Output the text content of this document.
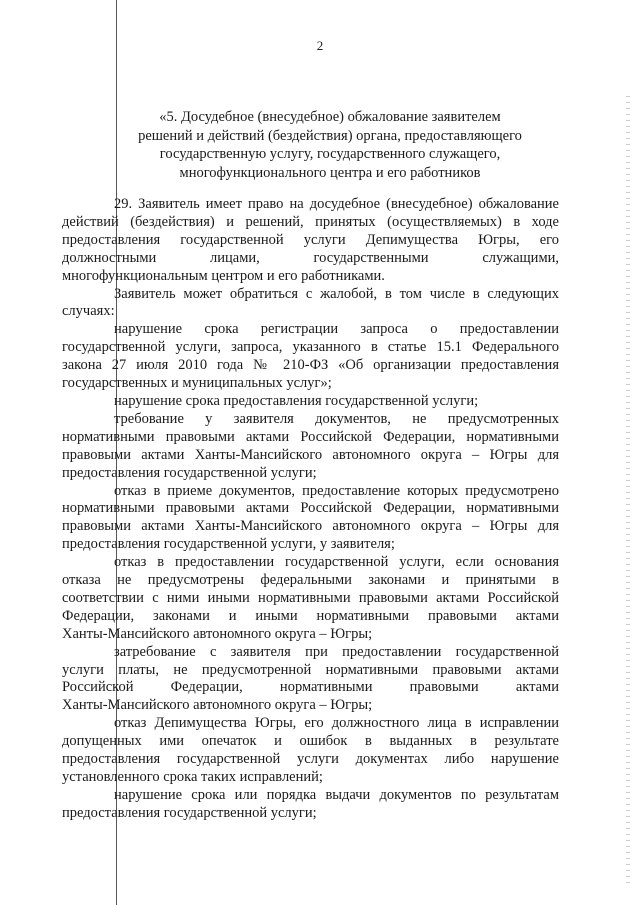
2
«5. Досудебное (внесудебное) обжалование заявителем
решений и действий (бездействия) органа, предоставляющего
государственную услугу, государственного служащего,
многофункционального центра и его работников
29. Заявитель имеет право на досудебное (внесудебное) обжалование
действий (бездействия) и решений, принятых (осуществляемых) в ходе
предоставления государственной услуги Депимущества Югры, его
должностными лицами, государственными служащими,
многофункциональным центром и его работниками.
Заявитель может обратиться с жалобой, в том числе в следующих
случаях:
нарушение срока регистрации запроса о предоставлении
государственной услуги, запроса, указанного в статье 15.1 Федерального
закона 27 июля 2010 года № 210-ФЗ «Об организации предоставления
государственных и муниципальных услуг»;
нарушение срока предоставления государственной услуги;
требование у заявителя документов, не предусмотренных
нормативными правовыми актами Российской Федерации, нормативными
правовыми актами Ханты-Мансийского автономного округа – Югры для
предоставления государственной услуги;
отказ в приеме документов, предоставление которых предусмотрено
нормативными правовыми актами Российской Федерации, нормативными
правовыми актами Ханты-Мансийского автономного округа – Югры для
предоставления государственной услуги, у заявителя;
отказ в предоставлении государственной услуги, если основания
отказа не предусмотрены федеральными законами и принятыми в
соответствии с ними иными нормативными правовыми актами Российской
Федерации, законами и иными нормативными правовыми актами
Ханты-Мансийского автономного округа – Югры;
затребование с заявителя при предоставлении государственной
услуги платы, не предусмотренной нормативными правовыми актами
Российской Федерации, нормативными правовыми актами
Ханты-Мансийского автономного округа – Югры;
отказ Депимущества Югры, его должностного лица в исправлении
допущенных ими опечаток и ошибок в выданных в результате
предоставления государственной услуги документах либо нарушение
установленного срока таких исправлений;
нарушение срока или порядка выдачи документов по результатам
предоставления государственной услуги;
